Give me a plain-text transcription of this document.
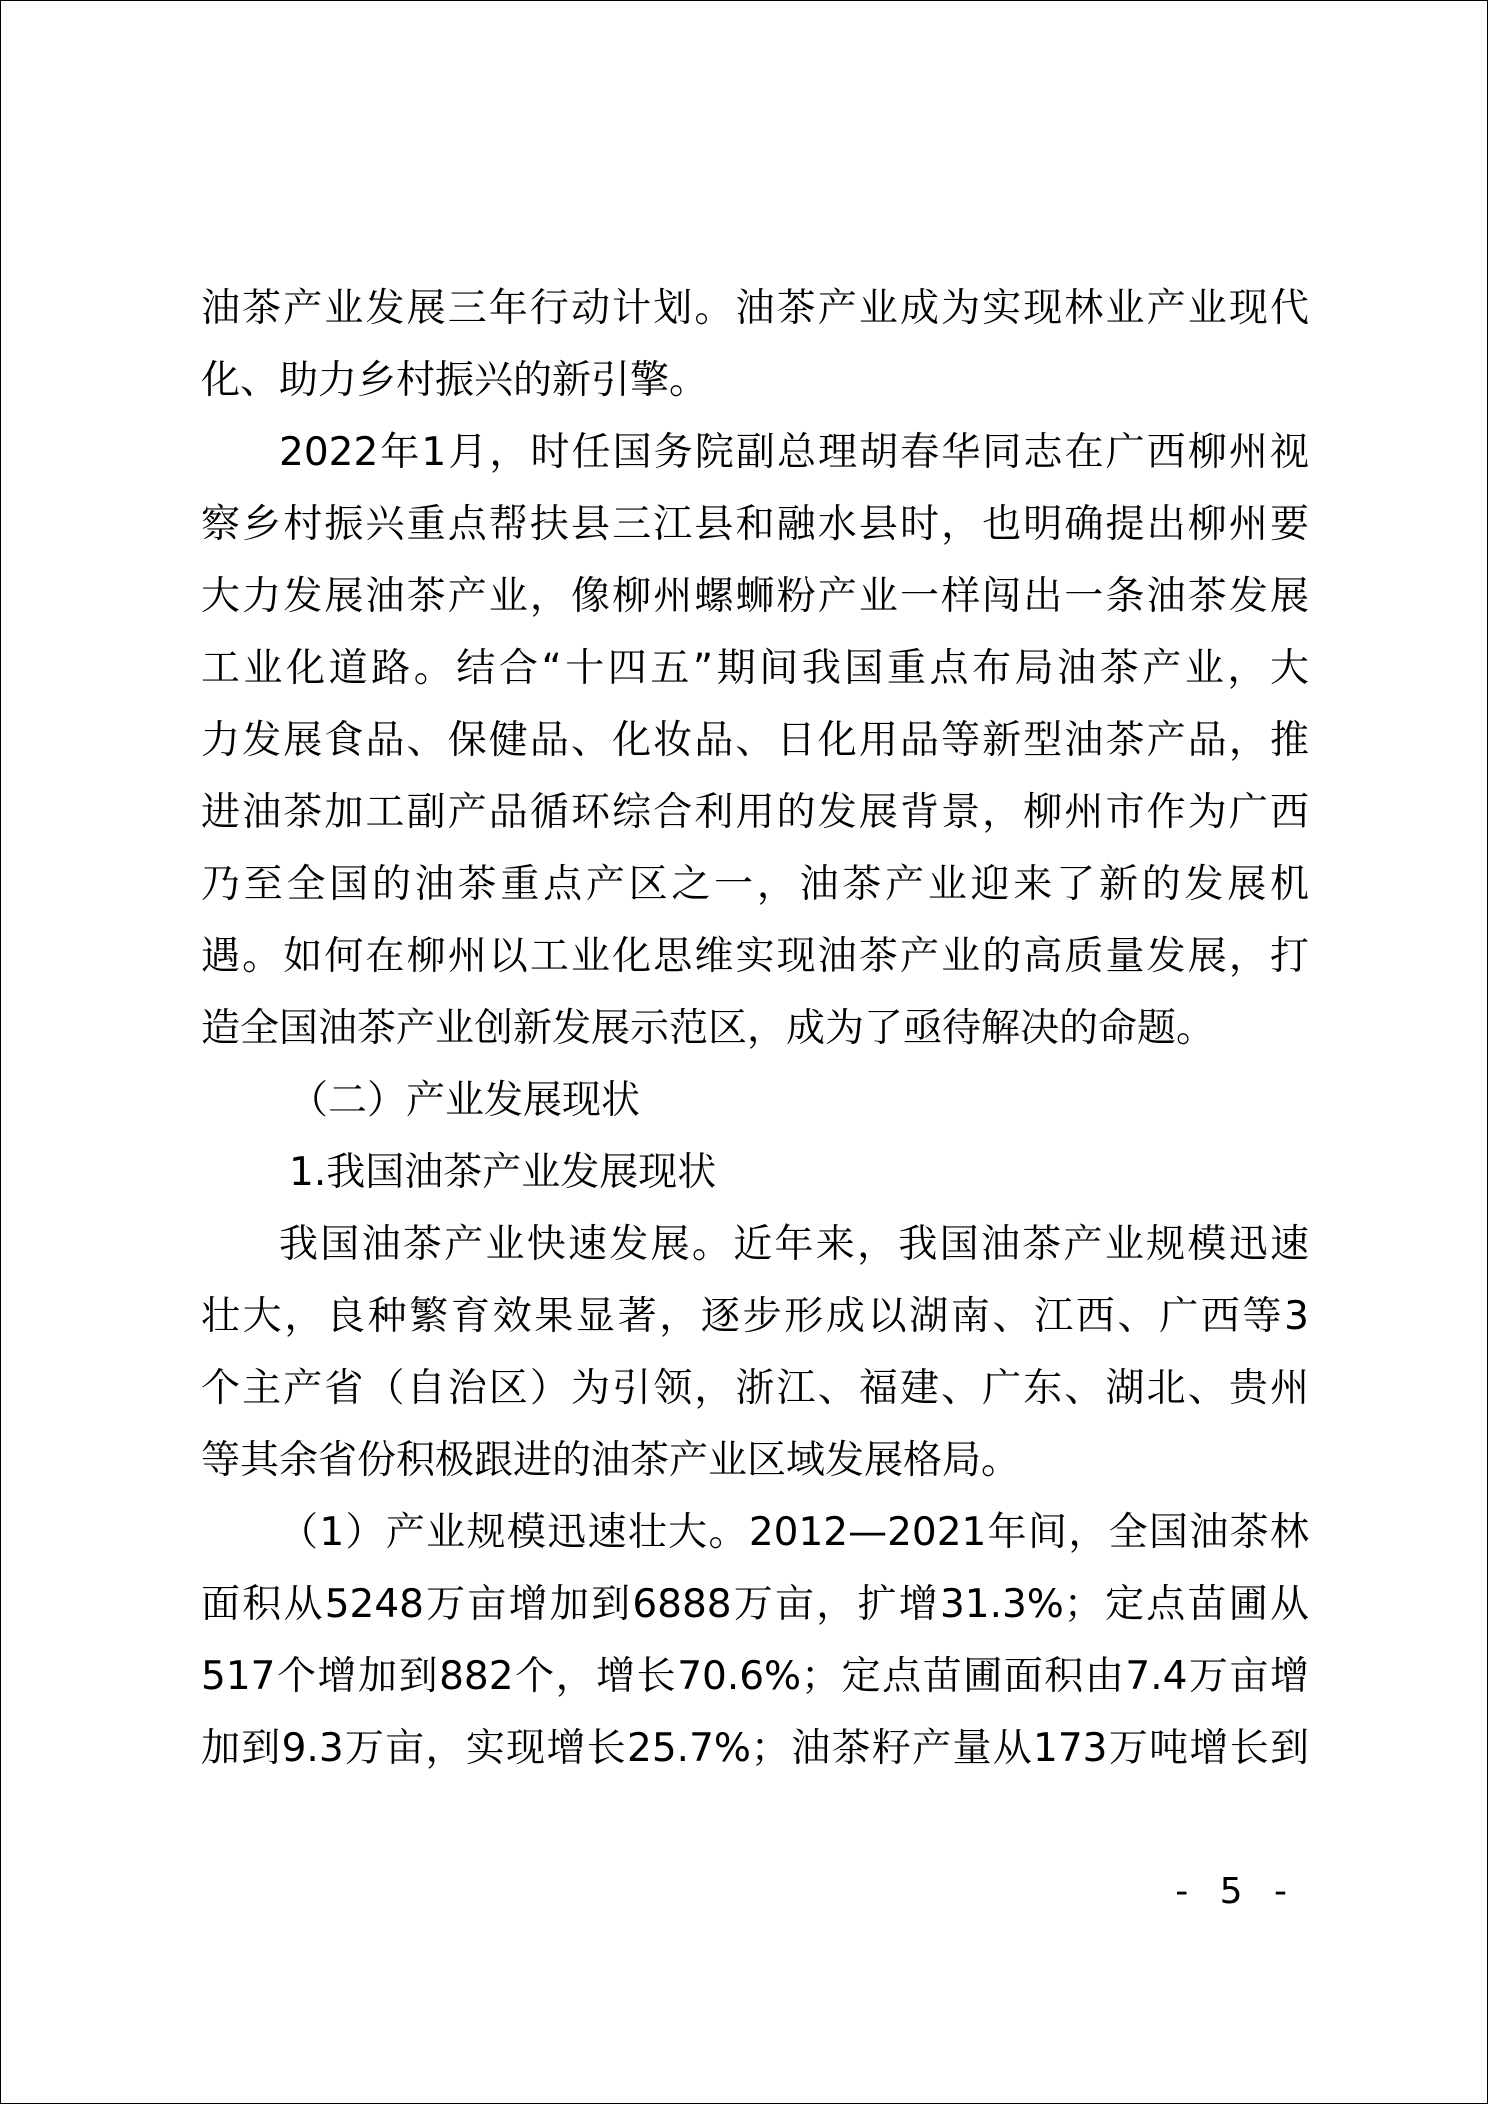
油茶产业发展三年行动计划。油茶产业成为实现林业产业现代
化、助力乡村振兴的新引擎。
2022年1月，时任国务院副总理胡春华同志在广西柳州视
察乡村振兴重点帮扶县三江县和融水县时，也明确提出柳州要
大力发展油茶产业，像柳州螺蛳粉产业一样闯出一条油茶发展
工业化道路。结合“十四五”期间我国重点布局油茶产业，大
力发展食品、保健品、化妆品、日化用品等新型油茶产品，推
进油茶加工副产品循环综合利用的发展背景，柳州市作为广西
乃至全国的油茶重点产区之一，油茶产业迎来了新的发展机
遇。如何在柳州以工业化思维实现油茶产业的高质量发展，打
造全国油茶产业创新发展示范区，成为了亟待解决的命题。
（二）产业发展现状
1.我国油茶产业发展现状
我国油茶产业快速发展。近年来，我国油茶产业规模迅速
壮大，良种繁育效果显著，逐步形成以湖南、江西、广西等3
个主产省（自治区）为引领，浙江、福建、广东、湖北、贵州
等其余省份积极跟进的油茶产业区域发展格局。
（1）产业规模迅速壮大。2012—2021年间，全国油茶林
面积从5248万亩增加到6888万亩，扩增31.3%；定点苗圃从
517个增加到882个，增长70.6%；定点苗圃面积由7.4万亩增
加到9.3万亩，实现增长25.7%；油茶籽产量从173万吨增长到
- 5 -
